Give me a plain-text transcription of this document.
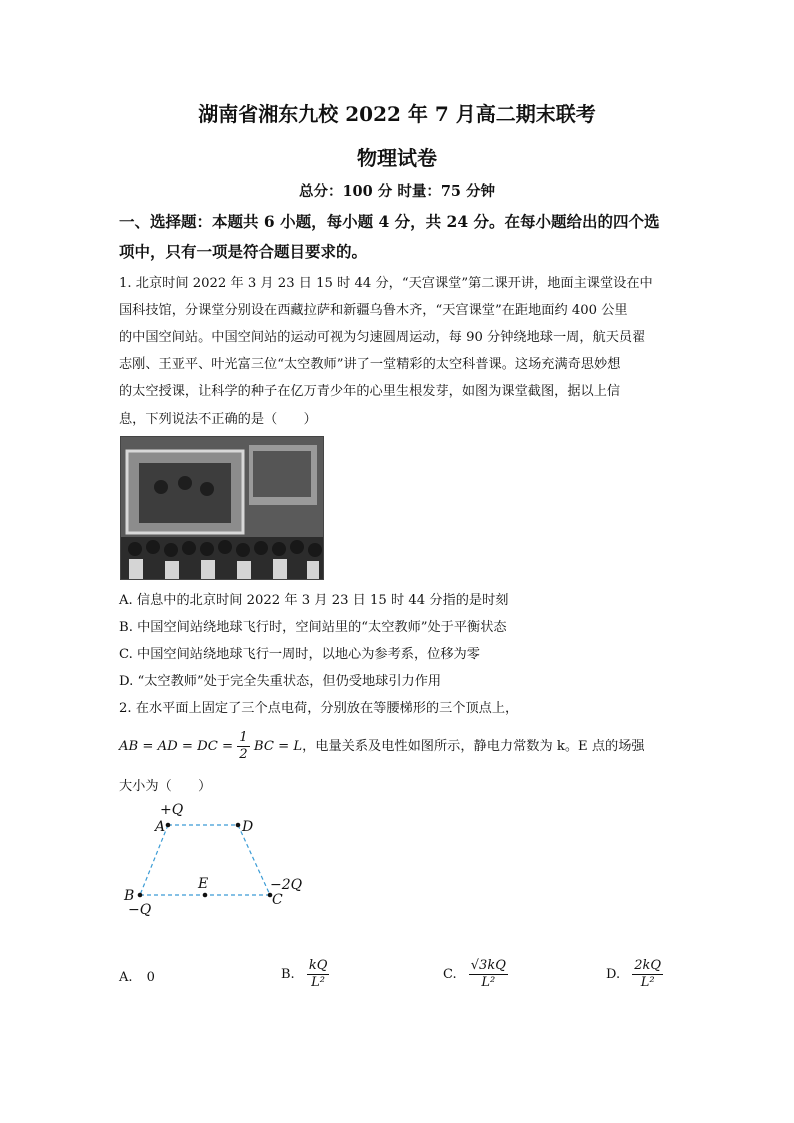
湖南省湘东九校 2022 年 7 月高二期末联考
物理试卷
总分：100 分 时量：75 分钟
一、选择题：本题共 6 小题，每小题 4 分，共 24 分。在每小题给出的四个选
项中，只有一项是符合题目要求的。
1. 北京时间 2022 年 3 月 23 日 15 时 44 分，“天宫课堂”第二课开讲，地面主课堂设在中
国科技馆，分课堂分别设在西藏拉萨和新疆乌鲁木齐，“天宫课堂”在距地面约 400 公里
的中国空间站。中国空间站的运动可视为匀速圆周运动，每 90 分钟绕地球一周，航天员翟
志刚、王亚平、叶光富三位“太空教师”讲了一堂精彩的太空科普课。这场充满奇思妙想
的太空授课，让科学的种子在亿万青少年的心里生根发芽，如图为课堂截图，据以上信
息，下列说法不正确的是（　　）
A. 信息中的北京时间 2022 年 3 月 23 日 15 时 44 分指的是时刻
B. 中国空间站绕地球飞行时，空间站里的“太空教师”处于平衡状态
C. 中国空间站绕地球飞行一周时，以地心为参考系，位移为零
D. “太空教师”处于完全失重状态，但仍受地球引力作用
2. 在水平面上固定了三个点电荷，分别放在等腰梯形的三个顶点上，
AB = AD = DC = $\frac{1}{2}$ BC = L，电量关系及电性如图所示，静电力常数为 k。E 点的场强
大小为（　　）
+Q
A	D
E
B
−Q
C
−2Q
A. 0	B. $\frac{kQ}{\text{L²}}$	C. $\frac{√3kQ}{\text{L²}}$	D. $\frac{2kQ}{\text{L²}}$
